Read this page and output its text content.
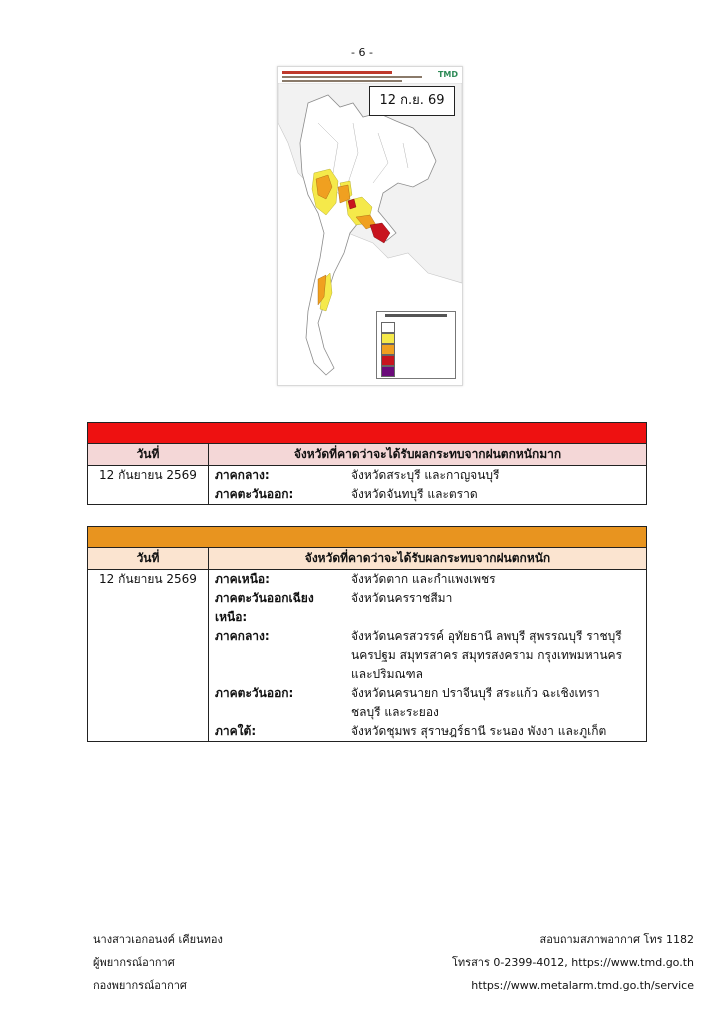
- 6 -
TMD
12 ก.ย. 69

วันที่	จังหวัดที่คาดว่าจะได้รับผลกระทบจากฝนตกหนักมาก	
12 กันยายน 2569	ภาคกลาง:	จังหวัดสระบุรี และกาญจนบุรี
	ภาคตะวันออก:	จังหวัดจันทบุรี และตราด

วันที่	จังหวัดที่คาดว่าจะได้รับผลกระทบจากฝนตกหนัก	
12 กันยายน 2569	ภาคเหนือ:	จังหวัดตาก และกำแพงเพชร
	ภาคตะวันออกเฉียงเหนือ:	จังหวัดนครราชสีมา
	ภาคกลาง:	จังหวัดนครสวรรค์ อุทัยธานี ลพบุรี สุพรรณบุรี ราชบุรี
		นครปฐม สมุทรสาคร สมุทรสงคราม กรุงเทพมหานคร
		และปริมณฑล
	ภาคตะวันออก:	จังหวัดนครนายก ปราจีนบุรี สระแก้ว ฉะเชิงเทรา
		ชลบุรี และระยอง
	ภาคใต้:	จังหวัดชุมพร สุราษฎร์ธานี ระนอง พังงา และภูเก็ต
นางสาวเอกอนงค์ เคียนทอง
ผู้พยากรณ์อากาศ
กองพยากรณ์อากาศ
สอบถามสภาพอากาศ โทร 1182
โทรสาร 0-2399-4012, https://www.tmd.go.th
https://www.metalarm.tmd.go.th/service
